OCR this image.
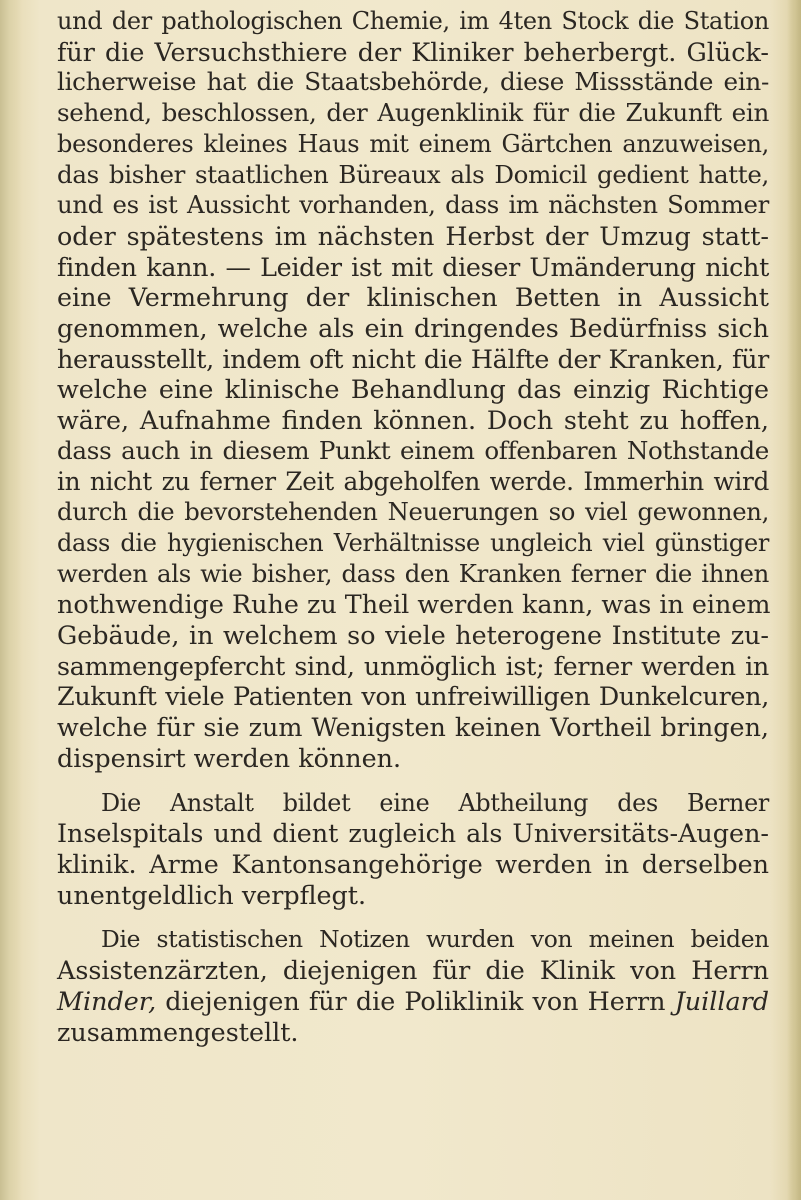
und der pathologischen Chemie, im 4ten Stock die Station
für die Versuchsthiere der Kliniker beherbergt. Glück-
licherweise hat die Staatsbehörde, diese Missstände ein-
sehend, beschlossen, der Augenklinik für die Zukunft ein
besonderes kleines Haus mit einem Gärtchen anzuweisen,
das bisher staatlichen Büreaux als Domicil gedient hatte,
und es ist Aussicht vorhanden, dass im nächsten Sommer
oder spätestens im nächsten Herbst der Umzug statt-
finden kann. — Leider ist mit dieser Umänderung nicht
eine Vermehrung der klinischen Betten in Aussicht
genommen, welche als ein dringendes Bedürfniss sich
herausstellt, indem oft nicht die Hälfte der Kranken, für
welche eine klinische Behandlung das einzig Richtige
wäre, Aufnahme finden können. Doch steht zu hoffen,
dass auch in diesem Punkt einem offenbaren Nothstande
in nicht zu ferner Zeit abgeholfen werde. Immerhin wird
durch die bevorstehenden Neuerungen so viel gewonnen,
dass die hygienischen Verhältnisse ungleich viel günstiger
werden als wie bisher, dass den Kranken ferner die ihnen
nothwendige Ruhe zu Theil werden kann, was in einem
Gebäude, in welchem so viele heterogene Institute zu-
sammengepfercht sind, unmöglich ist; ferner werden in
Zukunft viele Patienten von unfreiwilligen Dunkelcuren,
welche für sie zum Wenigsten keinen Vortheil bringen,
dispensirt werden können.
Die Anstalt bildet eine Abtheilung des Berner
Inselspitals und dient zugleich als Universitäts-Augen-
klinik. Arme Kantonsangehörige werden in derselben
unentgeldlich verpflegt.
Die statistischen Notizen wurden von meinen beiden
Assistenzärzten, diejenigen für die Klinik von Herrn
Minder, diejenigen für die Poliklinik von Herrn Juillard
zusammengestellt.
